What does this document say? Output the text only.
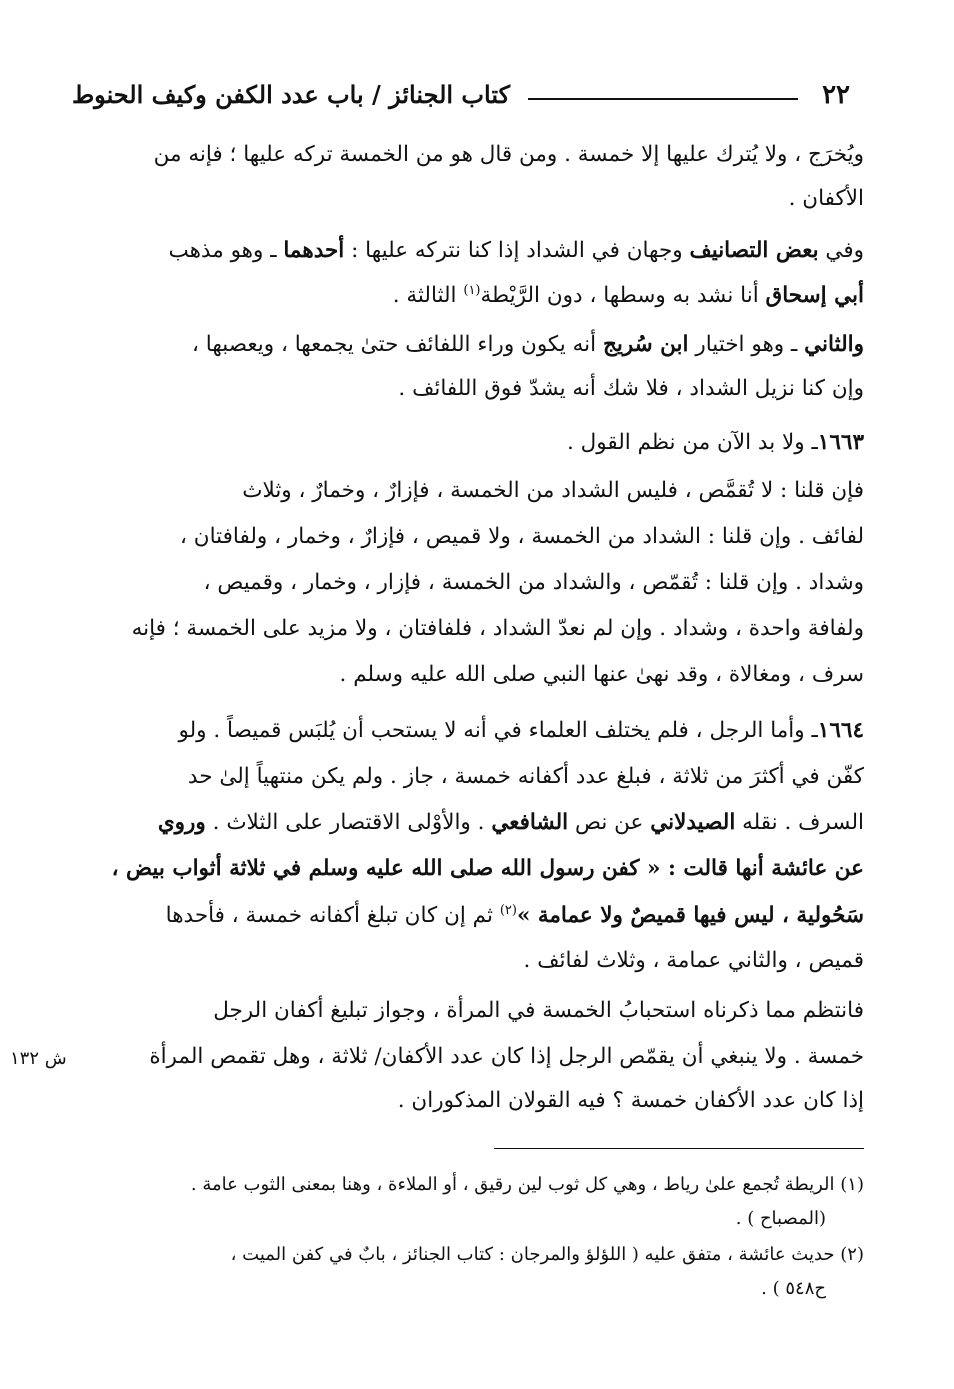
٢٢
كتاب الجنائز / باب عدد الكفن وكيف الحنوط
ويُخرَج ، ولا يُترك عليها إلا خمسة . ومن قال هو من الخمسة تركه عليها ؛ فإنه من
الأكفان .
وفي بعض التصانيف وجهان في الشداد إذا كنا نتركه عليها : أحدهما ـ وهو مذهب
أبي إسحاق أنا نشد به وسطها ، دون الرَّيْطة$^{(١)}$ الثالثة .
والثاني ـ وهو اختيار ابن سُريج أنه يكون وراء اللفائف حتىٰ يجمعها ، ويعصبها ،
وإن كنا نزيل الشداد ، فلا شك أنه يشدّ فوق اللفائف .
١٦٦٣ـ ولا بد الآن من نظم القول .
فإن قلنا : لا تُقمَّص ، فليس الشداد من الخمسة ، فإزارٌ ، وخمارٌ ، وثلاث
لفائف . وإن قلنا : الشداد من الخمسة ، ولا قميص ، فإزارٌ ، وخمار ، ولفافتان ،
وشداد . وإن قلنا : تُقمّص ، والشداد من الخمسة ، فإزار ، وخمار ، وقميص ،
ولفافة واحدة ، وشداد . وإن لم نعدّ الشداد ، فلفافتان ، ولا مزيد على الخمسة ؛ فإنه
سرف ، ومغالاة ، وقد نهىٰ عنها النبي صلى الله عليه وسلم .
١٦٦٤ـ وأما الرجل ، فلم يختلف العلماء في أنه لا يستحب أن يُلبَس قميصاً . ولو
كفّن في أكثرَ من ثلاثة ، فبلغ عدد أكفانه خمسة ، جاز . ولم يكن منتهياً إلىٰ حد
السرف . نقله الصيدلاني عن نص الشافعي . والأوْلى الاقتصار على الثلاث . وروي
عن عائشة أنها قالت : « كفن رسول الله صلى الله عليه وسلم في ثلاثة أثواب بيض ،
سَحُولية ، ليس فيها قميصٌ ولا عمامة »$^{(٢)}$ ثم إن كان تبلغ أكفانه خمسة ، فأحدها
قميص ، والثاني عمامة ، وثلاث لفائف .
فانتظم مما ذكرناه استحبابُ الخمسة في المرأة ، وجواز تبليغ أكفان الرجل
خمسة . ولا ينبغي أن يقمّص الرجل إذا كان عدد الأكفان/ ثلاثة ، وهل تقمص المرأة
إذا كان عدد الأكفان خمسة ؟ فيه القولان المذكوران .
ش ١٣٢
(١) الريطة تُجمع علىٰ رياط ، وهي كل ثوب لين رقيق ، أو الملاءة ، وهنا بمعنى الثوب عامة .
(المصباح ) .
(٢) حديث عائشة ، متفق عليه ( اللؤلؤ والمرجان : كتاب الجنائز ، بابٌ في كفن الميت ،
ح٥٤٨ ) .
